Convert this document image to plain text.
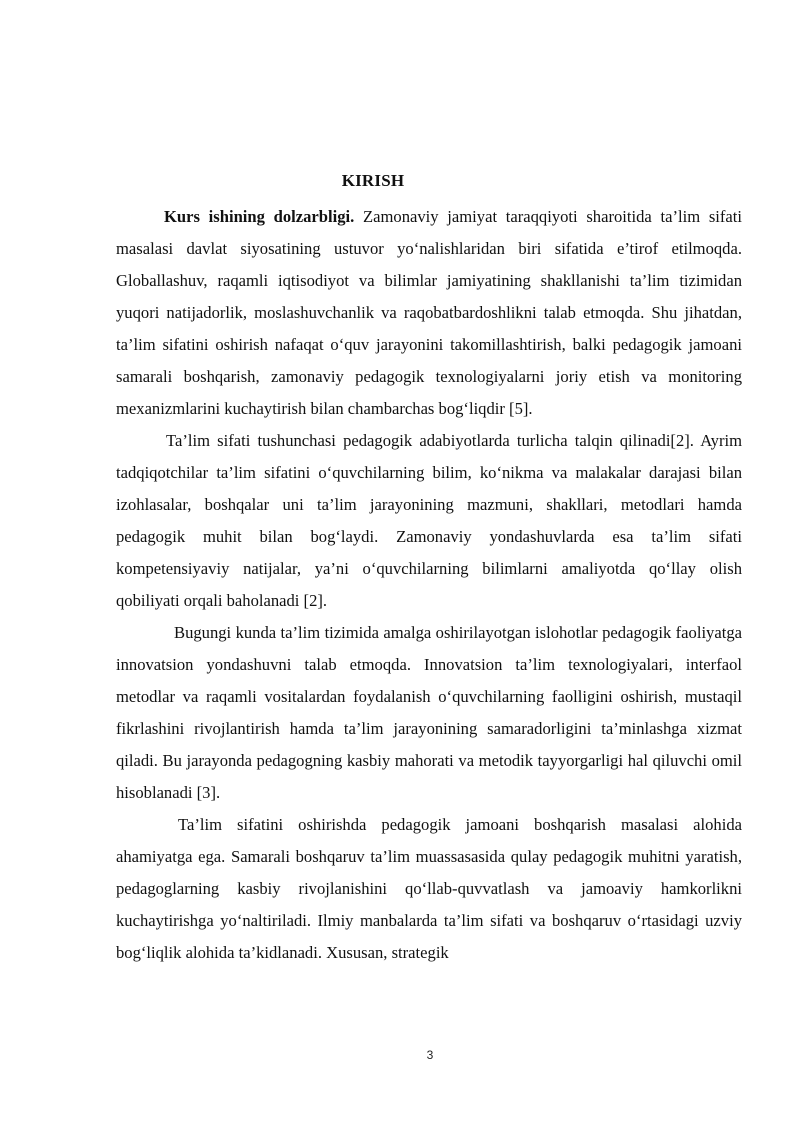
KIRISH

Kurs ishining dolzarbligi. Zamonaviy jamiyat taraqqiyoti sharoitida ta’lim sifati masalasi davlat siyosatining ustuvor yo‘nalishlaridan biri sifatida e’tirof etilmoqda. Globallashuv, raqamli iqtisodiyot va bilimlar jamiyatining shakllanishi ta’lim tizimidan yuqori natijadorlik, moslashuvchanlik va raqobatbardoshlikni talab etmoqda. Shu jihatdan, ta’lim sifatini oshirish nafaqat o‘quv jarayonini takomillashtirish, balki pedagogik jamoani samarali boshqarish, zamonaviy pedagogik texnologiyalarni joriy etish va monitoring mexanizmlarini kuchaytirish bilan chambarchas bog‘liqdir [5].

Ta’lim sifati tushunchasi pedagogik adabiyotlarda turlicha talqin qilinadi[2]. Ayrim tadqiqotchilar ta’lim sifatini o‘quvchilarning bilim, ko‘nikma va malakalar darajasi bilan izohlasalar, boshqalar uni ta’lim jarayonining mazmuni, shakllari, metodlari hamda pedagogik muhit bilan bog‘laydi. Zamonaviy yondashuvlarda esa ta’lim sifati kompetensiyaviy natijalar, ya’ni o‘quvchilarning bilimlarni amaliyotda qo‘llay olish qobiliyati orqali baholanadi [2].

Bugungi kunda ta’lim tizimida amalga oshirilayotgan islohotlar pedagogik faoliyatga innovatsion yondashuvni talab etmoqda. Innovatsion ta’lim texnologiyalari, interfaol metodlar va raqamli vositalardan foydalanish o‘quvchilarning faolligini oshirish, mustaqil fikrlashini rivojlantirish hamda ta’lim jarayonining samaradorligini ta’minlashga xizmat qiladi. Bu jarayonda pedagogning kasbiy mahorati va metodik tayyorgarligi hal qiluvchi omil hisoblanadi [3].

Ta’lim sifatini oshirishda pedagogik jamoani boshqarish masalasi alohida ahamiyatga ega. Samarali boshqaruv ta’lim muassasasida qulay pedagogik muhitni yaratish, pedagoglarning kasbiy rivojlanishini qo‘llab-quvvatlash va jamoaviy hamkorlikni kuchaytirishga yo‘naltiriladi. Ilmiy manbalarda ta’lim sifati va boshqaruv o‘rtasidagi uzviy bog‘liqlik alohida ta’kidlanadi. Xususan, strategik

3
